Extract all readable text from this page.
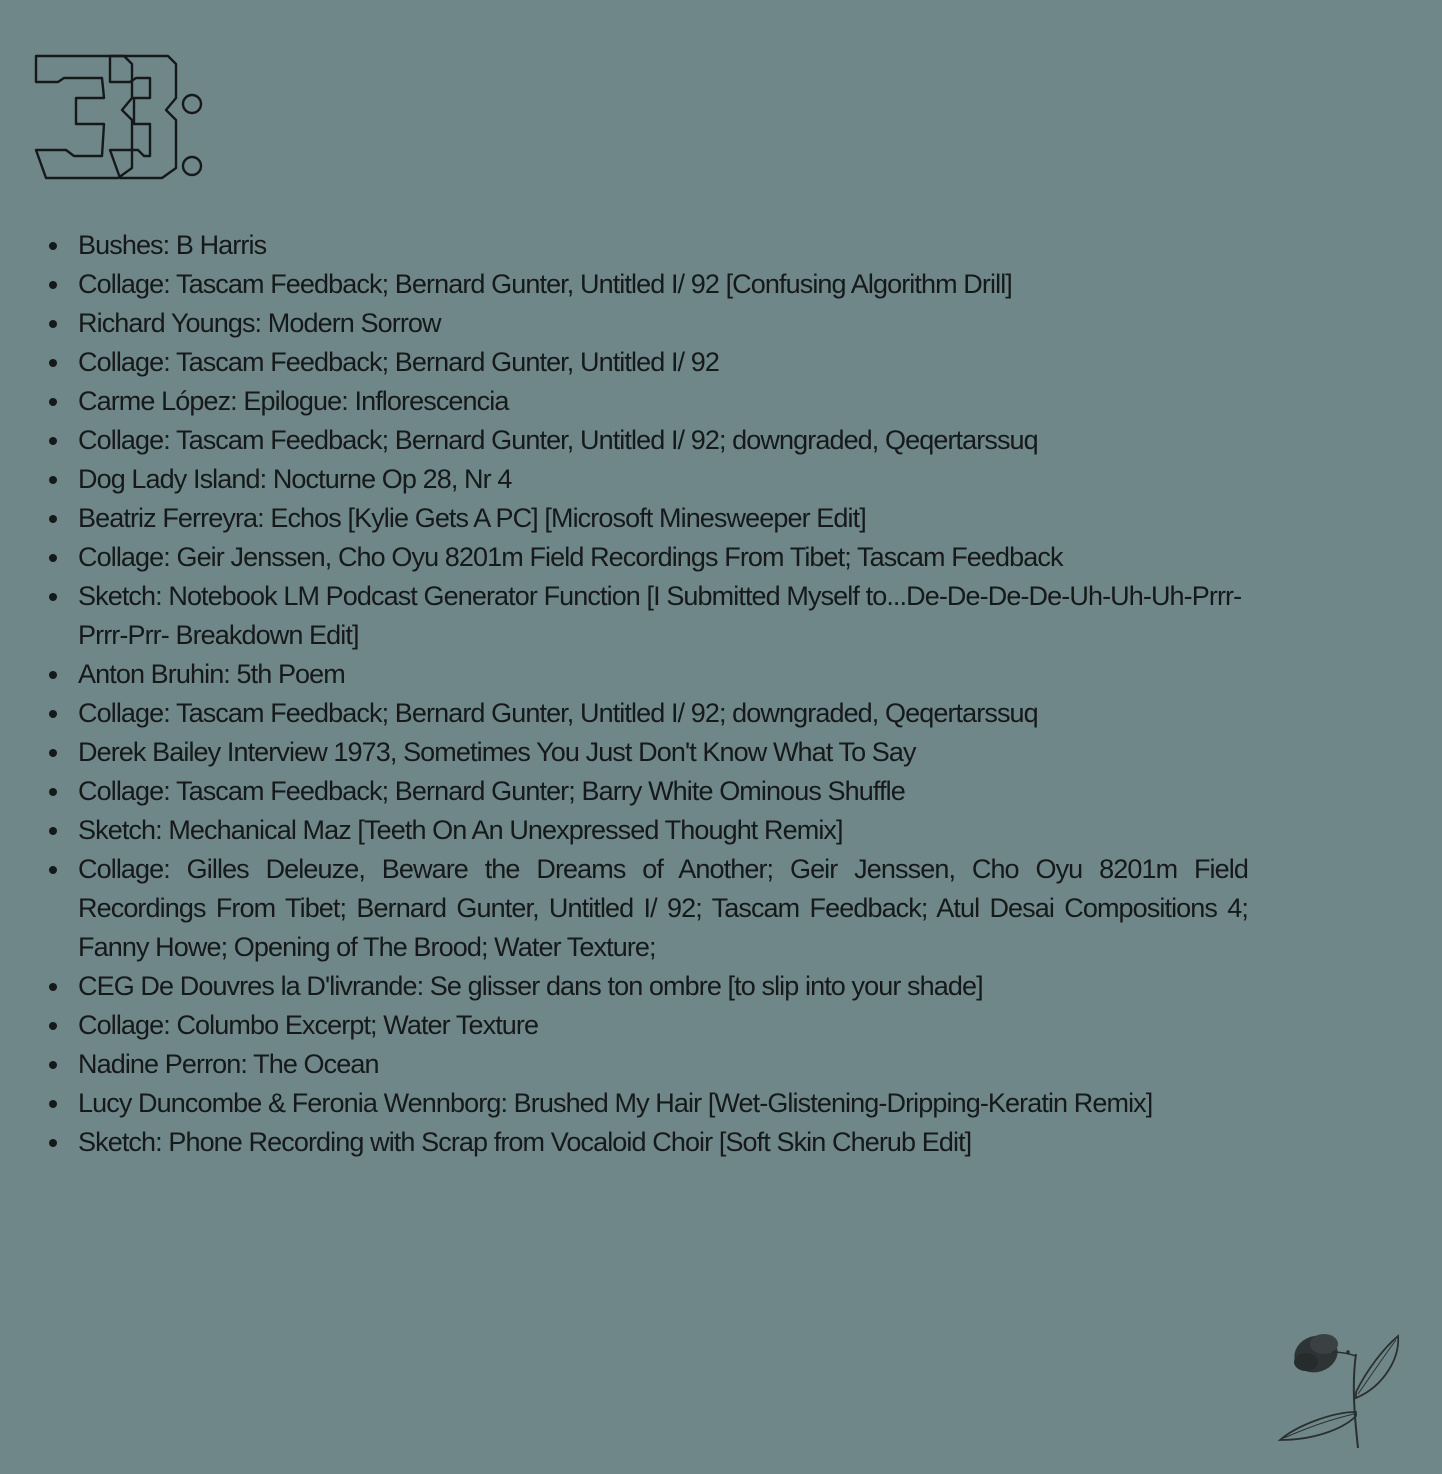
Bushes: B Harris
Collage: Tascam Feedback; Bernard Gunter, Untitled I/ 92 [Confusing Algorithm Drill]
Richard Youngs: Modern Sorrow
Collage: Tascam Feedback; Bernard Gunter, Untitled I/ 92
Carme López: Epilogue: Inflorescencia
Collage: Tascam Feedback; Bernard Gunter, Untitled I/ 92; downgraded, Qeqertarssuq
Dog Lady Island: Nocturne Op 28, Nr 4
Beatriz Ferreyra: Echos [Kylie Gets A PC] [Microsoft Minesweeper Edit]
Collage: Geir Jenssen, Cho Oyu 8201m Field Recordings From Tibet; Tascam Feedback
Sketch: Notebook LM Podcast Generator Function [I Submitted Myself to...De-De-De-De-Uh-Uh-Uh-Prrr-Prrr-Prr- Breakdown Edit]
Anton Bruhin: 5th Poem
Collage: Tascam Feedback; Bernard Gunter, Untitled I/ 92; downgraded, Qeqertarssuq
Derek Bailey Interview 1973, Sometimes You Just Don't Know What To Say
Collage: Tascam Feedback; Bernard Gunter; Barry White Ominous Shuffle
Sketch: Mechanical Maz [Teeth On An Unexpressed Thought Remix]
Collage: Gilles Deleuze, Beware the Dreams of Another; Geir Jenssen, Cho Oyu 8201m Field Recordings From Tibet; Bernard Gunter, Untitled I/ 92; Tascam Feedback; Atul Desai Compositions 4; Fanny Howe; Opening of The Brood; Water Texture;
CEG De Douvres la D'livrande: Se glisser dans ton ombre [to slip into your shade]
Collage: Columbo Excerpt; Water Texture
Nadine Perron: The Ocean
Lucy Duncombe & Feronia Wennborg: Brushed My Hair [Wet-Glistening-Dripping-Keratin Remix]
Sketch: Phone Recording with Scrap from Vocaloid Choir [Soft Skin Cherub Edit]
